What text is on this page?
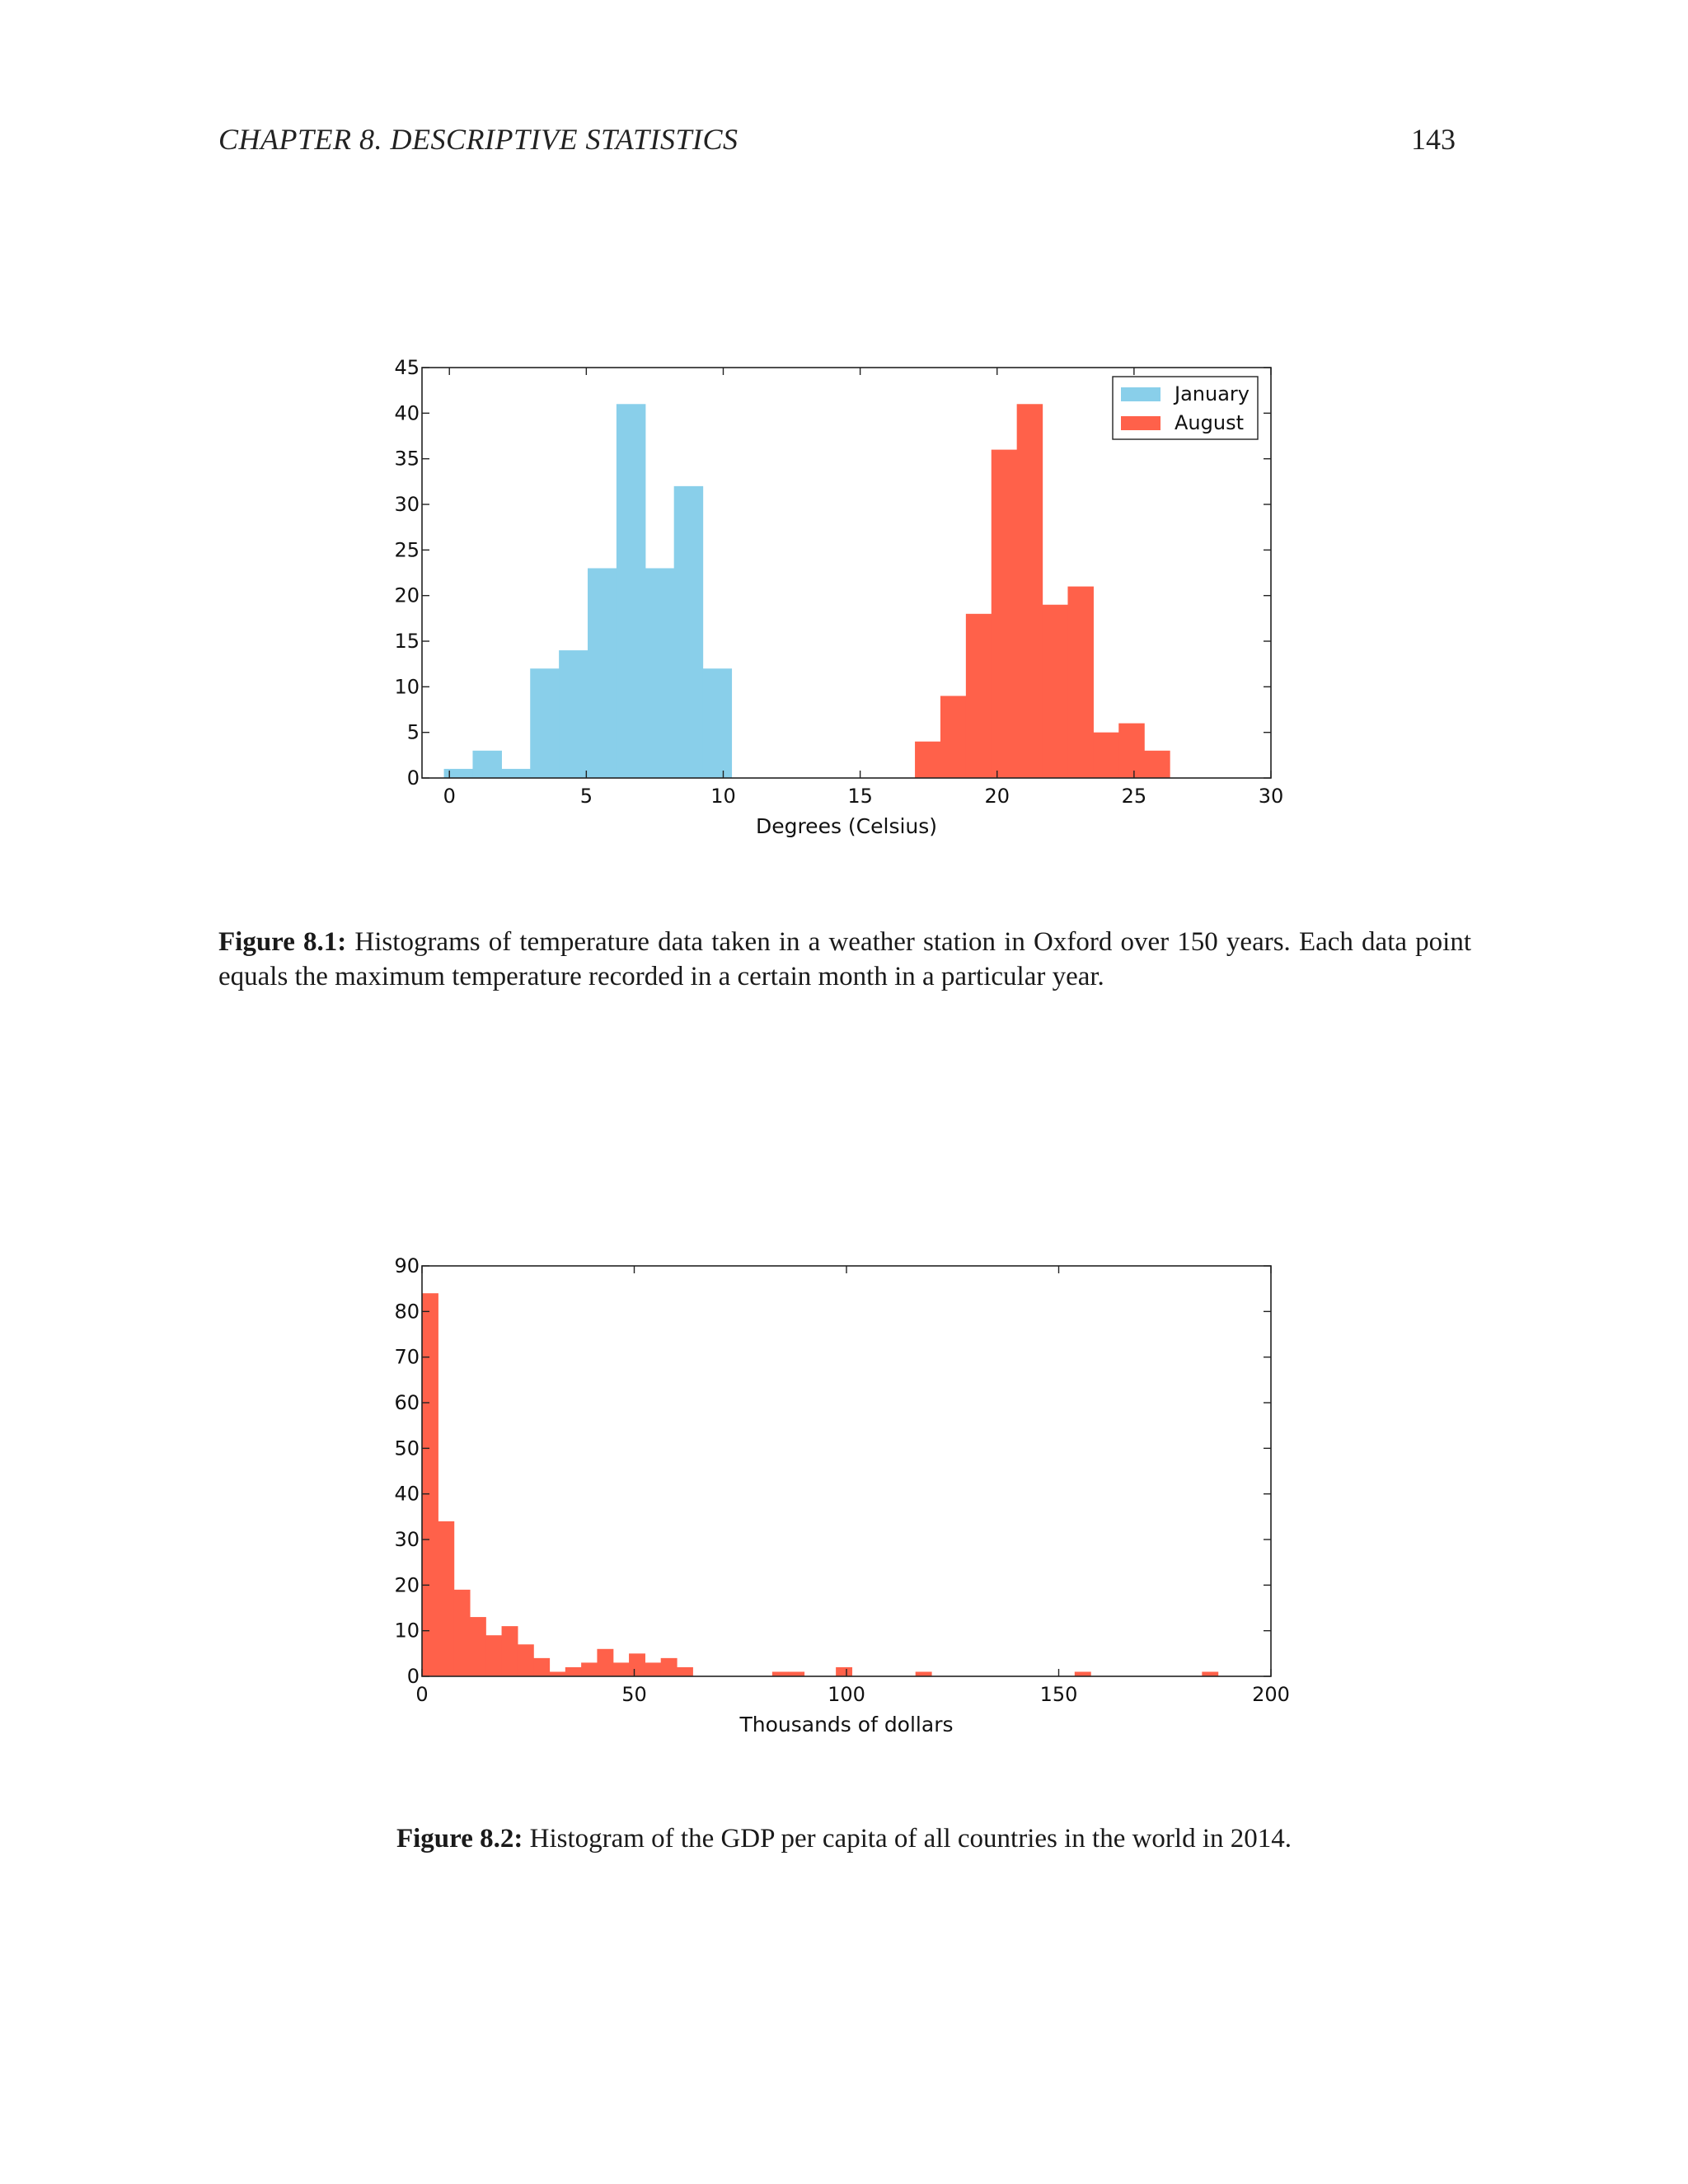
CHAPTER 8. DESCRIPTIVE STATISTICS	143
0
5
10
15
20
25
30
35
40
45
0	5	10	15	20	25	30
Degrees (Celsius)
January
August
Figure 8.1: Histograms of temperature data taken in a weather station in Oxford over 150 years. Each data point equals the maximum temperature recorded in a certain month in a particular year.
0
10
20
30
40
50
60
70
80
90
0	50	100	150	200
Thousands of dollars
Figure 8.2: Histogram of the GDP per capita of all countries in the world in 2014.
